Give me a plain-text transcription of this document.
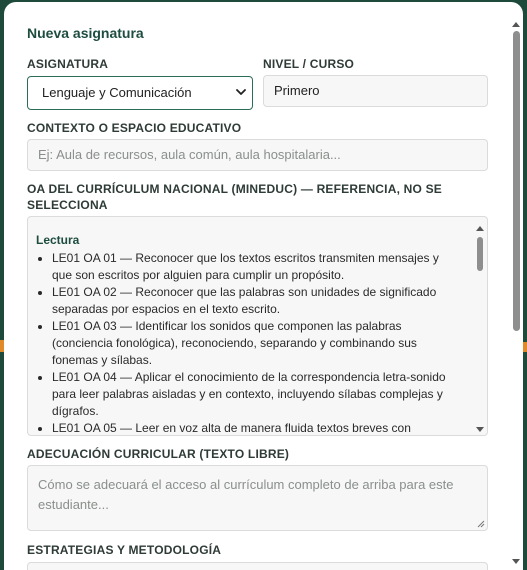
Nueva asignatura
ASIGNATURA
Lenguaje y Comunicación
NIVEL / CURSO
Primero
CONTEXTO O ESPACIO EDUCATIVO
Ej: Aula de recursos, aula común, aula hospitalaria...
OA DEL CURRÍCULUM NACIONAL (MINEDUC) — REFERENCIA, NO SE SELECCIONA
Lectura
LE01 OA 01 — Reconocer que los textos escritos transmiten mensajes y que son escritos por alguien para cumplir un propósito.
LE01 OA 02 — Reconocer que las palabras son unidades de significado separadas por espacios en el texto escrito.
LE01 OA 03 — Identificar los sonidos que componen las palabras (conciencia fonológica), reconociendo, separando y combinando sus fonemas y sílabas.
LE01 OA 04 — Aplicar el conocimiento de la correspondencia letra-sonido para leer palabras aisladas y en contexto, incluyendo sílabas complejas y dígrafos.
LE01 OA 05 — Leer en voz alta de manera fluida textos breves con
ADECUACIÓN CURRICULAR (TEXTO LIBRE)
Cómo se adecuará el acceso al currículum completo de arriba para este estudiante...
ESTRATEGIAS Y METODOLOGÍA
